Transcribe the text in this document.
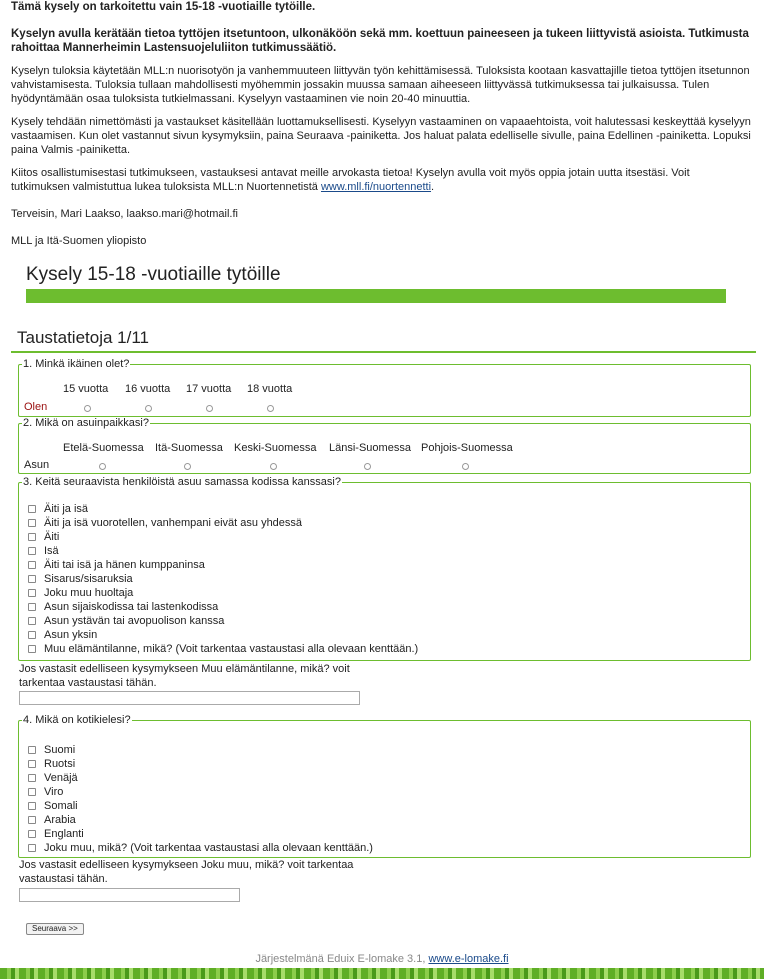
Tämä kysely on tarkoitettu vain 15-18 -vuotiaille tytöille.

Kyselyn avulla kerätään tietoa tyttöjen itsetuntoon, ulkonäköön sekä mm. koettuun paineeseen ja tukeen liittyvistä asioista. Tutkimusta rahoittaa Mannerheimin Lastensuojeluliiton tutkimussäätiö.

Kyselyn tuloksia käytetään MLL:n nuorisotyön ja vanhemmuuteen liittyvän työn kehittämisessä. Tuloksista kootaan kasvattajille tietoa tyttöjen itsetunnon vahvistamisesta. Tuloksia tullaan mahdollisesti myöhemmin jossakin muussa samaan aiheeseen liittyvässä tutkimuksessa tai julkaisussa. Tulen hyödyntämään osaa tuloksista tutkielmassani. Kyselyyn vastaaminen vie noin 20-40 minuuttia.

Kysely tehdään nimettömästi ja vastaukset käsitellään luottamuksellisesti. Kyselyyn vastaaminen on vapaaehtoista, voit halutessasi keskeyttää kyselyyn vastaamisen. Kun olet vastannut sivun kysymyksiin, paina Seuraava -painiketta. Jos haluat palata edelliselle sivulle, paina Edellinen -painiketta. Lopuksi paina Valmis -painiketta.

Kiitos osallistumisestasi tutkimukseen, vastauksesi antavat meille arvokasta tietoa! Kyselyn avulla voit myös oppia jotain uutta itsestäsi. Voit tutkimuksen valmistuttua lukea tuloksista MLL:n Nuortennetistä www.mll.fi/nuortennetti.

Terveisin, Mari Laakso, laakso.mari@hotmail.fi

MLL ja Itä-Suomen yliopisto

Kysely 15-18 -vuotiaille tytöille
Taustatietoja 1/11
1. Minkä ikäinen olet?
15 vuotta 16 vuotta 17 vuotta 18 vuotta
Olen
2. Mikä on asuinpaikkasi?
Etelä-Suomessa Itä-Suomessa Keski-Suomessa Länsi-Suomessa Pohjois-Suomessa
Asun
3. Keitä seuraavista henkilöistä asuu samassa kodissa kanssasi?
Äiti ja isä
Äiti ja isä vuorotellen, vanhempani eivät asu yhdessä
Äiti
Isä
Äiti tai isä ja hänen kumppaninsa
Sisarus/sisaruksia
Joku muu huoltaja
Asun sijaiskodissa tai lastenkodissa
Asun ystävän tai avopuolison kanssa
Asun yksin
Muu elämäntilanne, mikä? (Voit tarkentaa vastaustasi alla olevaan kenttään.)
Jos vastasit edelliseen kysymykseen Muu elämäntilanne, mikä? voit tarkentaa vastaustasi tähän.
4. Mikä on kotikielesi?
Suomi
Ruotsi
Venäjä
Viro
Somali
Arabia
Englanti
Joku muu, mikä? (Voit tarkentaa vastaustasi alla olevaan kenttään.)
Jos vastasit edelliseen kysymykseen Joku muu, mikä? voit tarkentaa vastaustasi tähän.
Seuraava >>
Järjestelmänä Eduix E-lomake 3.1, www.e-lomake.fi
